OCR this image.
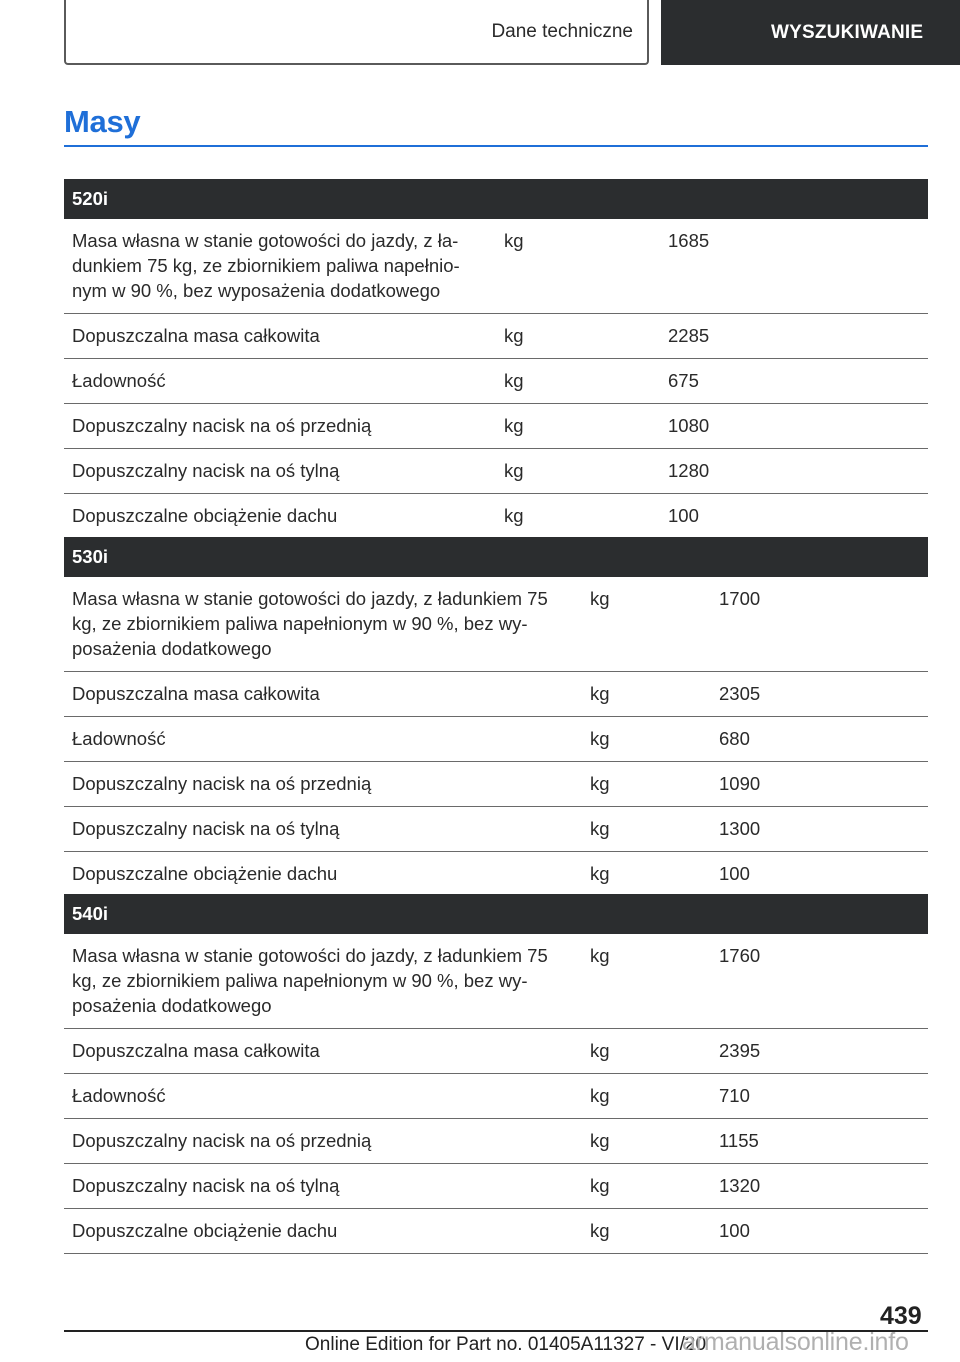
Dane techniczne	WYSZUKIWANIE
Masy
520i		
Masa własna w stanie gotowości do jazdy, z ładunkiem 75 kg, ze zbiornikiem paliwa napełnionym w 90 %, bez wyposażenia dodatkowego	kg	1685
Dopuszczalna masa całkowita	kg	2285
Ładowność	kg	675
Dopuszczalny nacisk na oś przednią	kg	1080
Dopuszczalny nacisk na oś tylną	kg	1280
Dopuszczalne obciążenie dachu	kg	100
530i		
Masa własna w stanie gotowości do jazdy, z ładunkiem 75 kg, ze zbiornikiem paliwa napełnionym w 90 %, bez wyposażenia dodatkowego	kg	1700
Dopuszczalna masa całkowita	kg	2305
Ładowność	kg	680
Dopuszczalny nacisk na oś przednią	kg	1090
Dopuszczalny nacisk na oś tylną	kg	1300
Dopuszczalne obciążenie dachu	kg	100
540i		
Masa własna w stanie gotowości do jazdy, z ładunkiem 75 kg, ze zbiornikiem paliwa napełnionym w 90 %, bez wyposażenia dodatkowego	kg	1760
Dopuszczalna masa całkowita	kg	2395
Ładowność	kg	710
Dopuszczalny nacisk na oś przednią	kg	1155
Dopuszczalny nacisk na oś tylną	kg	1320
Dopuszczalne obciążenie dachu	kg	100
439
Online Edition for Part no. 01405A11327 - VI/20
armanualsonline.info
